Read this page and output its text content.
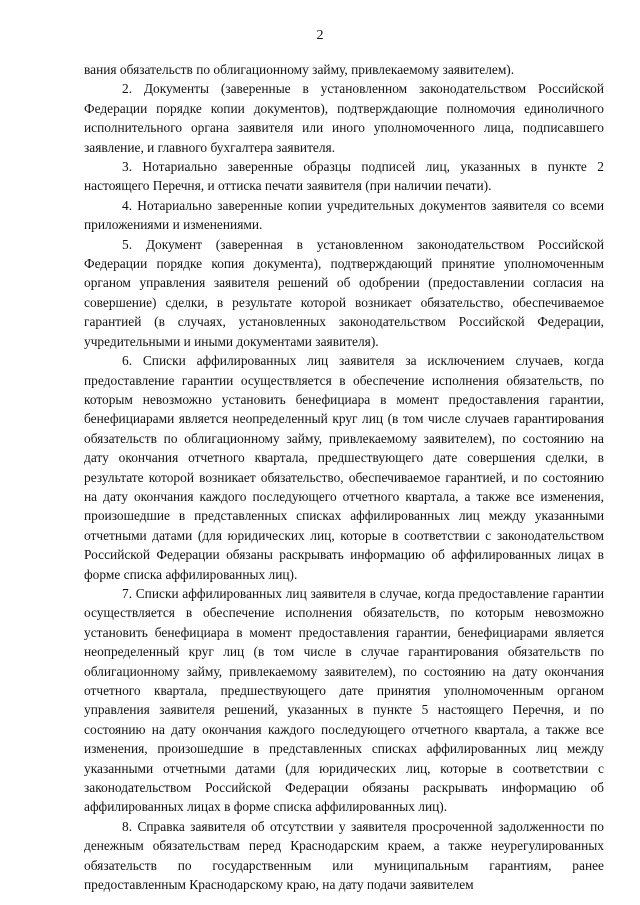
2

вания обязательств по облигационному займу, привлекаемому заявителем).

2. Документы (заверенные в установленном законодательством Российской Федерации порядке копии документов), подтверждающие полномочия единоличного исполнительного органа заявителя или иного уполномоченного лица, подписавшего заявление, и главного бухгалтера заявителя.

3. Нотариально заверенные образцы подписей лиц, указанных в пункте 2 настоящего Перечня, и оттиска печати заявителя (при наличии печати).

4. Нотариально заверенные копии учредительных документов заявителя со всеми приложениями и изменениями.

5. Документ (заверенная в установленном законодательством Российской Федерации порядке копия документа), подтверждающий принятие уполномоченным органом управления заявителя решений об одобрении (предоставлении согласия на совершение) сделки, в результате которой возникает обязательство, обеспечиваемое гарантией (в случаях, установленных законодательством Российской Федерации, учредительными и иными документами заявителя).

6. Списки аффилированных лиц заявителя за исключением случаев, когда предоставление гарантии осуществляется в обеспечение исполнения обязательств, по которым невозможно установить бенефициара в момент предоставления гарантии, бенефициарами является неопределенный круг лиц (в том числе случаев гарантирования обязательств по облигационному займу, привлекаемому заявителем), по состоянию на дату окончания отчетного квартала, предшествующего дате совершения сделки, в результате которой возникает обязательство, обеспечиваемое гарантией, и по состоянию на дату окончания каждого последующего отчетного квартала, а также все изменения, произошедшие в представленных списках аффилированных лиц между указанными отчетными датами (для юридических лиц, которые в соответствии с законодательством Российской Федерации обязаны раскрывать информацию об аффилированных лицах в форме списка аффилированных лиц).

7. Списки аффилированных лиц заявителя в случае, когда предоставление гарантии осуществляется в обеспечение исполнения обязательств, по которым невозможно установить бенефициара в момент предоставления гарантии, бенефициарами является неопределенный круг лиц (в том числе в случае гарантирования обязательств по облигационному займу, привлекаемому заявителем), по состоянию на дату окончания отчетного квартала, предшествующего дате принятия уполномоченным органом управления заявителя решений, указанных в пункте 5 настоящего Перечня, и по состоянию на дату окончания каждого последующего отчетного квартала, а также все изменения, произошедшие в представленных списках аффилированных лиц между указанными отчетными датами (для юридических лиц, которые в соответствии с законодательством Российской Федерации обязаны раскрывать информацию об аффилированных лицах в форме списка аффилированных лиц).

8. Справка заявителя об отсутствии у заявителя просроченной задолженности по денежным обязательствам перед Краснодарским краем, а также неурегулированных обязательств по государственным или муниципальным гарантиям, ранее предоставленным Краснодарскому краю, на дату подачи заявителем
